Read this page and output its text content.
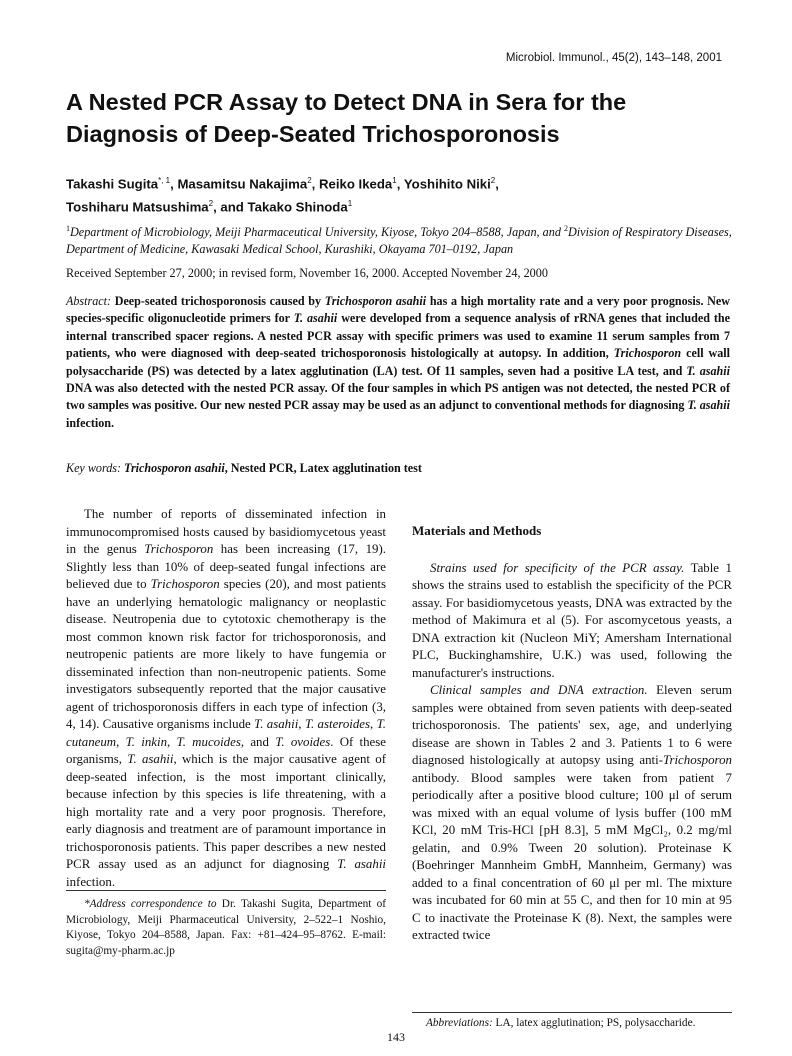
Microbiol. Immunol., 45(2), 143–148, 2001
A Nested PCR Assay to Detect DNA in Sera for the Diagnosis of Deep-Seated Trichosporonosis
Takashi Sugita$^{*, 1}$, Masamitsu Nakajima$^2$, Reiko Ikeda$^1$, Yoshihito Niki$^2$,
Toshiharu Matsushima$^2$, and Takako Shinoda$^1$
$^1$Department of Microbiology, Meiji Pharmaceutical University, Kiyose, Tokyo 204–8588, Japan, and $^2$Division of Respiratory Diseases, Department of Medicine, Kawasaki Medical School, Kurashiki, Okayama 701–0192, Japan
Received September 27, 2000; in revised form, November 16, 2000. Accepted November 24, 2000
Abstract: Deep-seated trichosporonosis caused by Trichosporon asahii has a high mortality rate and a very poor prognosis. New species-specific oligonucleotide primers for T. asahii were developed from a sequence analysis of rRNA genes that included the internal transcribed spacer regions. A nested PCR assay with specific primers was used to examine 11 serum samples from 7 patients, who were diagnosed with deep-seated trichosporonosis histologically at autopsy. In addition, Trichosporon cell wall polysaccharide (PS) was detected by a latex agglutination (LA) test. Of 11 samples, seven had a positive LA test, and T. asahii DNA was also detected with the nested PCR assay. Of the four samples in which PS antigen was not detected, the nested PCR of two samples was positive. Our new nested PCR assay may be used as an adjunct to conventional methods for diagnosing T. asahii infection.
Key words: Trichosporon asahii, Nested PCR, Latex agglutination test

The number of reports of disseminated infection in immunocompromised hosts caused by basidiomycetous yeast in the genus Trichosporon has been increasing (17, 19). Slightly less than 10% of deep-seated fungal infections are believed due to Trichosporon species (20), and most patients have an underlying hematologic malignancy or neoplastic disease. Neutropenia due to cytotoxic chemotherapy is the most common known risk factor for trichosporonosis, and neutropenic patients are more likely to have fungemia or disseminated infection than non-neutropenic patients. Some investigators subsequently reported that the major causative agent of trichosporonosis differs in each type of infection (3, 4, 14). Causative organisms include T. asahii, T. asteroides, T. cutaneum, T. inkin, T. mucoides, and T. ovoides. Of these organisms, T. asahii, which is the major causative agent of deep-seated infection, is the most important clinically, because infection by this species is life threatening, with a high mortality rate and a very poor prognosis. Therefore, early diagnosis and treatment are of paramount importance in trichosporonosis patients. This paper describes a new nested PCR assay used as an adjunct for diagnosing T. asahii infection.

Materials and Methods

Strains used for specificity of the PCR assay. Table 1 shows the strains used to establish the specificity of the PCR assay. For basidiomycetous yeasts, DNA was extracted by the method of Makimura et al (5). For ascomycetous yeasts, a DNA extraction kit (Nucleon MiY; Amersham International PLC, Buckinghamshire, U.K.) was used, following the manufacturer's instructions.

Clinical samples and DNA extraction. Eleven serum samples were obtained from seven patients with deep-seated trichosporonosis. The patients' sex, age, and underlying disease are shown in Tables 2 and 3. Patients 1 to 6 were diagnosed histologically at autopsy using anti-Trichosporon antibody. Blood samples were taken from patient 7 periodically after a positive blood culture; 100 μl of serum was mixed with an equal volume of lysis buffer (100 mM KCl, 20 mM Tris-HCl [pH 8.3], 5 mM MgCl₂, 0.2 mg/ml gelatin, and 0.9% Tween 20 solution). Proteinase K (Boehringer Mannheim GmbH, Mannheim, Germany) was added to a final concentration of 60 μl per ml. The mixture was incubated for 60 min at 55 C, and then for 10 min at 95 C to inactivate the Proteinase K (8). Next, the samples were extracted twice

*Address correspondence to Dr. Takashi Sugita, Department of Microbiology, Meiji Pharmaceutical University, 2–522–1 Noshio, Kiyose, Tokyo 204–8588, Japan. Fax: +81–424–95–8762. E-mail: sugita@my-pharm.ac.jp
Abbreviations: LA, latex agglutination; PS, polysaccharide.
143
